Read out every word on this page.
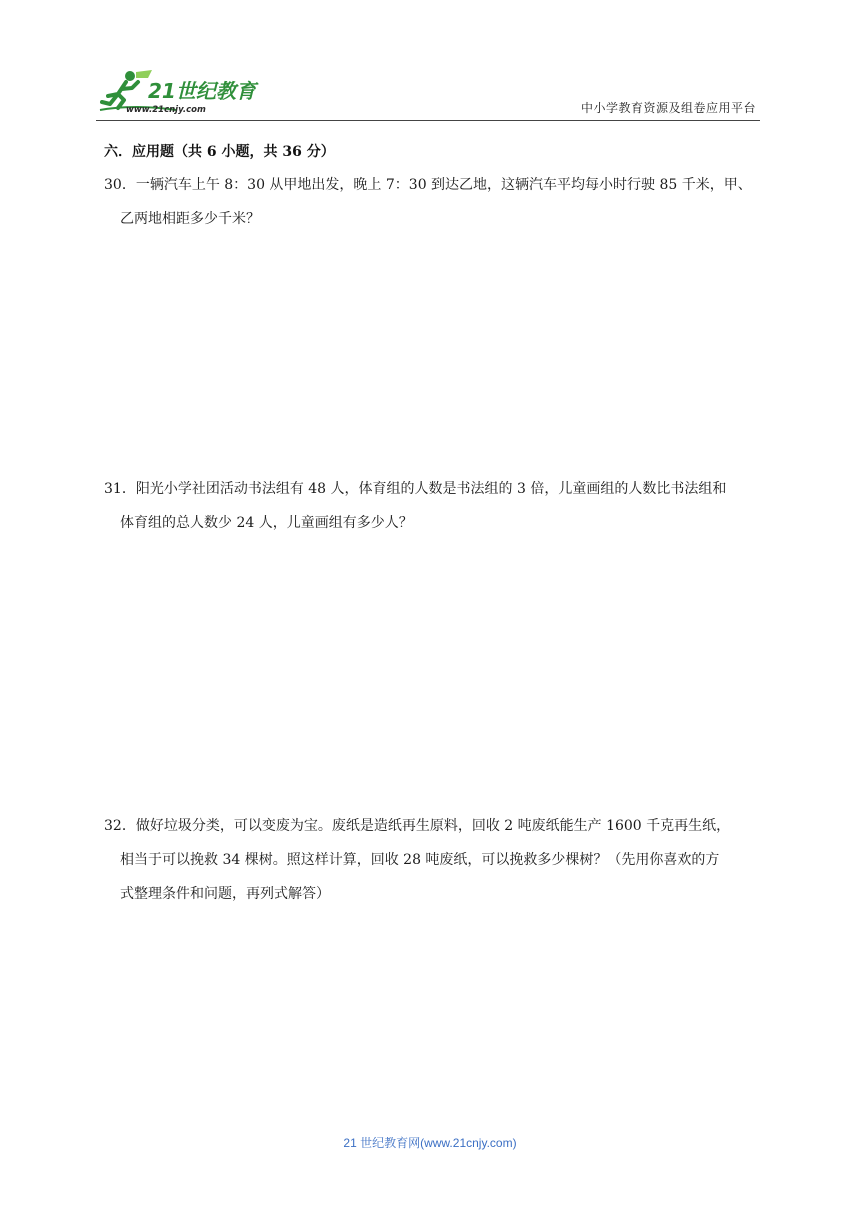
21世纪教育
www.21cnjy.com	中小学教育资源及组卷应用平台
六．应用题（共 6 小题，共 36 分）
30．一辆汽车上午 8：30 从甲地出发，晚上 7：30 到达乙地，这辆汽车平均每小时行驶 85 千米，甲、
乙两地相距多少千米？
31．阳光小学社团活动书法组有 48 人，体育组的人数是书法组的 3 倍，儿童画组的人数比书法组和
体育组的总人数少 24 人，儿童画组有多少人？
32．做好垃圾分类，可以变废为宝。废纸是造纸再生原料，回收 2 吨废纸能生产 1600 千克再生纸，
相当于可以挽救 34 棵树。照这样计算，回收 28 吨废纸，可以挽救多少棵树？（先用你喜欢的方
式整理条件和问题，再列式解答）
21 世纪教育网(www.21cnjy.com)
